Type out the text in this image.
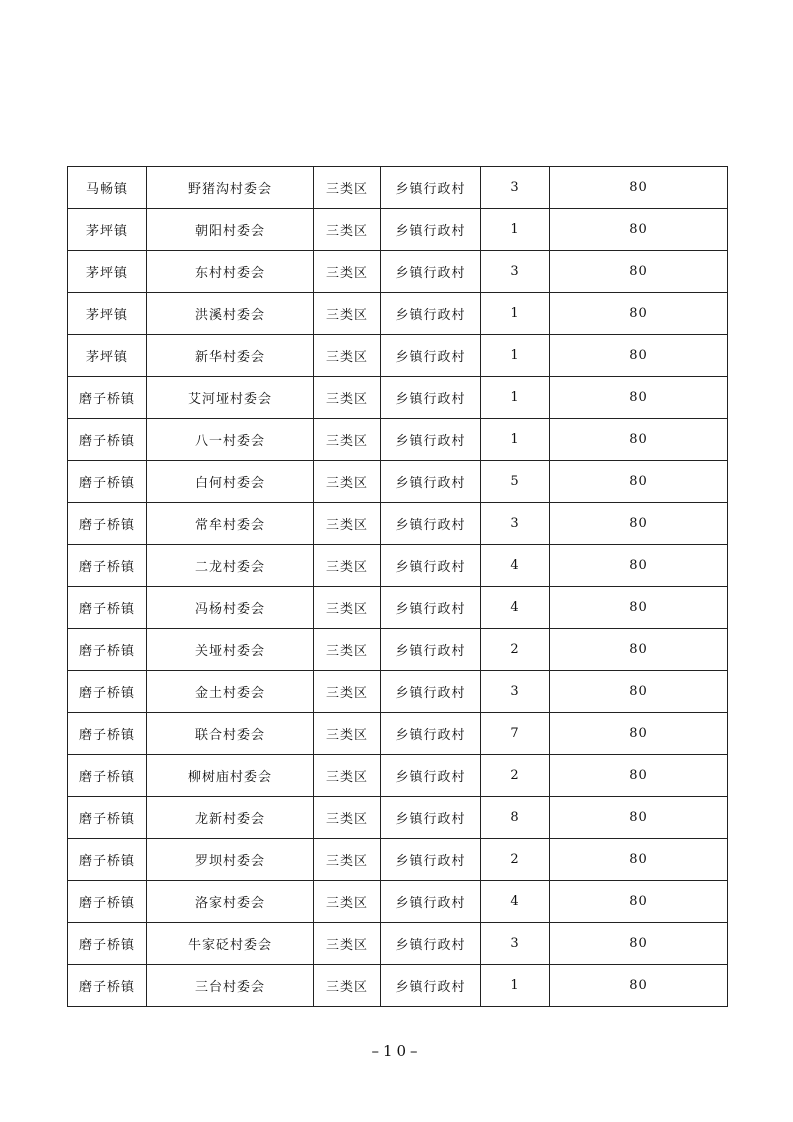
马畅镇	野猪沟村委会	三类区	乡镇行政村	3	80
茅坪镇	朝阳村委会	三类区	乡镇行政村	1	80
茅坪镇	东村村委会	三类区	乡镇行政村	3	80
茅坪镇	洪溪村委会	三类区	乡镇行政村	1	80
茅坪镇	新华村委会	三类区	乡镇行政村	1	80
磨子桥镇	艾河垭村委会	三类区	乡镇行政村	1	80
磨子桥镇	八一村委会	三类区	乡镇行政村	1	80
磨子桥镇	白何村委会	三类区	乡镇行政村	5	80
磨子桥镇	常牟村委会	三类区	乡镇行政村	3	80
磨子桥镇	二龙村委会	三类区	乡镇行政村	4	80
磨子桥镇	冯杨村委会	三类区	乡镇行政村	4	80
磨子桥镇	关垭村委会	三类区	乡镇行政村	2	80
磨子桥镇	金土村委会	三类区	乡镇行政村	3	80
磨子桥镇	联合村委会	三类区	乡镇行政村	7	80
磨子桥镇	柳树庙村委会	三类区	乡镇行政村	2	80
磨子桥镇	龙新村委会	三类区	乡镇行政村	8	80
磨子桥镇	罗坝村委会	三类区	乡镇行政村	2	80
磨子桥镇	洛家村委会	三类区	乡镇行政村	4	80
磨子桥镇	牛家砭村委会	三类区	乡镇行政村	3	80
磨子桥镇	三台村委会	三类区	乡镇行政村	1	80
–10–
